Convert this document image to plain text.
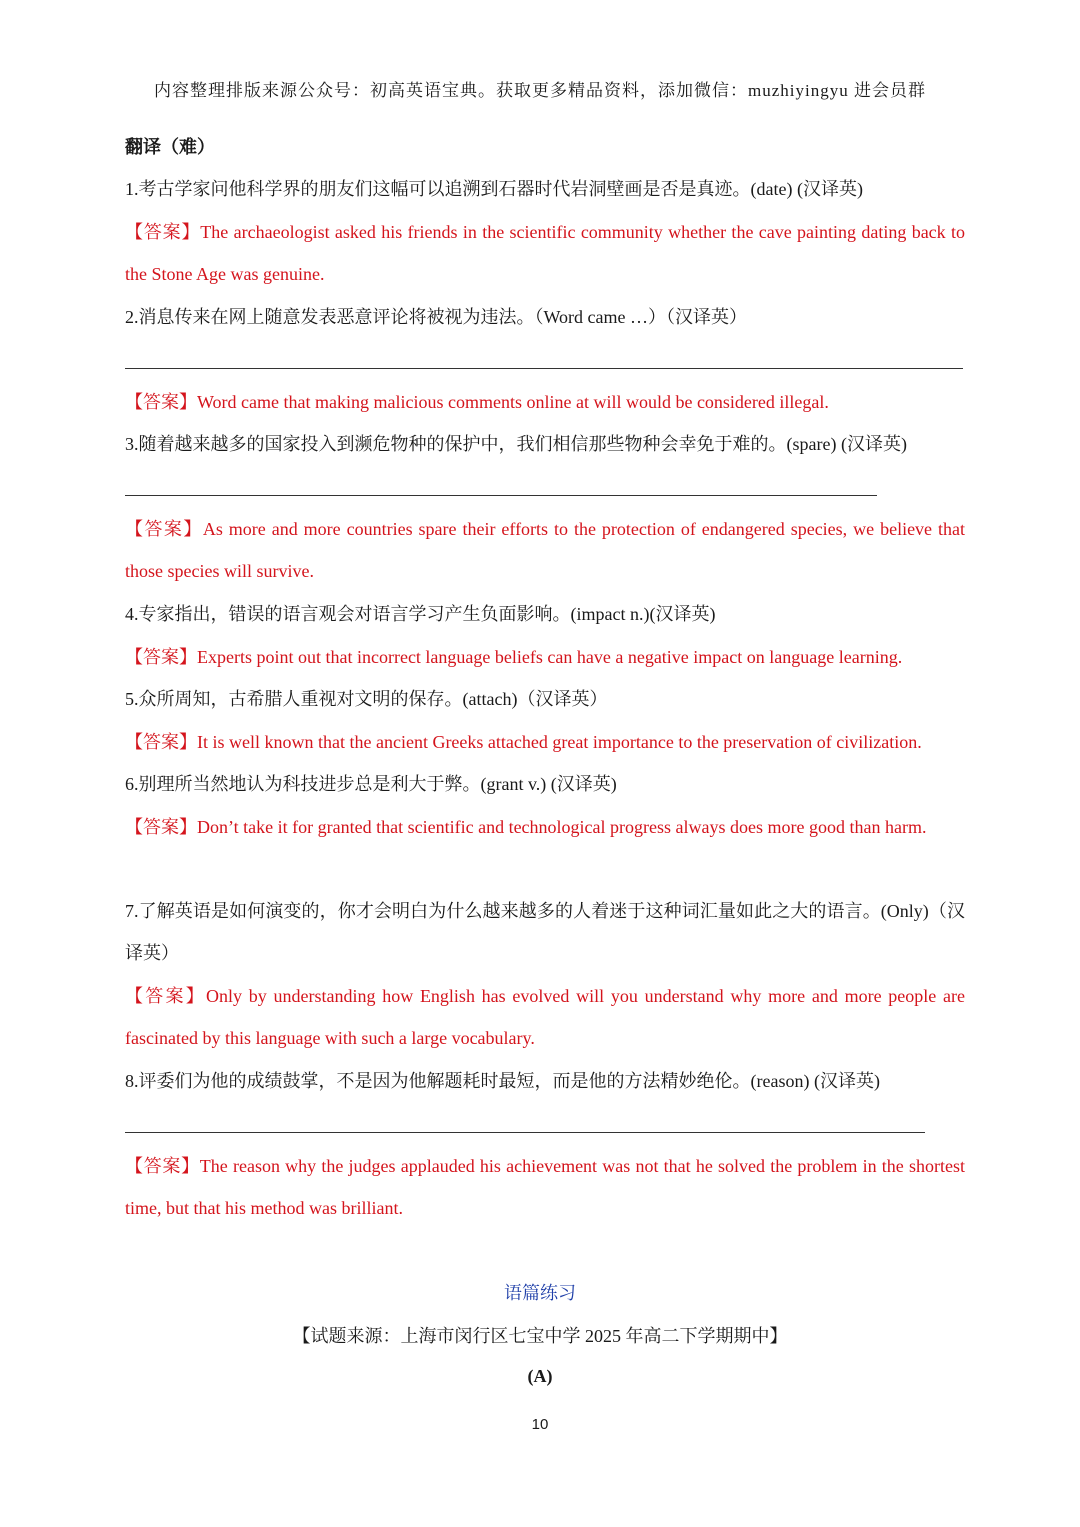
内容整理排版来源公众号：初高英语宝典。获取更多精品资料，添加微信：muzhiyingyu 进会员群
翻译（难）
1.考古学家问他科学界的朋友们这幅可以追溯到石器时代岩洞壁画是否是真迹。(date) (汉译英)
【答案】The archaeologist asked his friends in the scientific community whether the cave painting dating back to the Stone Age was genuine.
2.消息传来在网上随意发表恶意评论将被视为违法。（Word came …）（汉译英）
【答案】Word came that making malicious comments online at will would be considered illegal.
3.随着越来越多的国家投入到濒危物种的保护中，我们相信那些物种会幸免于难的。(spare) (汉译英)
【答案】As more and more countries spare their efforts to the protection of endangered species, we believe that those species will survive.
4.专家指出，错误的语言观会对语言学习产生负面影响。(impact n.)(汉译英)
【答案】Experts point out that incorrect language beliefs can have a negative impact on language learning.
5.众所周知，古希腊人重视对文明的保存。(attach)（汉译英）
【答案】It is well known that the ancient Greeks attached great importance to the preservation of civilization.
6.别理所当然地认为科技进步总是利大于弊。(grant v.) (汉译英)
【答案】Don’t take it for granted that scientific and technological progress always does more good than harm.
7.了解英语是如何演变的，你才会明白为什么越来越多的人着迷于这种词汇量如此之大的语言。(Only)（汉译英）
【答案】Only by understanding how English has evolved will you understand why more and more people are fascinated by this language with such a large vocabulary.
8.评委们为他的成绩鼓掌，不是因为他解题耗时最短，而是他的方法精妙绝伦。(reason) (汉译英)
【答案】The reason why the judges applauded his achievement was not that he solved the problem in the shortest time, but that his method was brilliant.
语篇练习
【试题来源：上海市闵行区七宝中学 2025 年高二下学期期中】
(A)
10
